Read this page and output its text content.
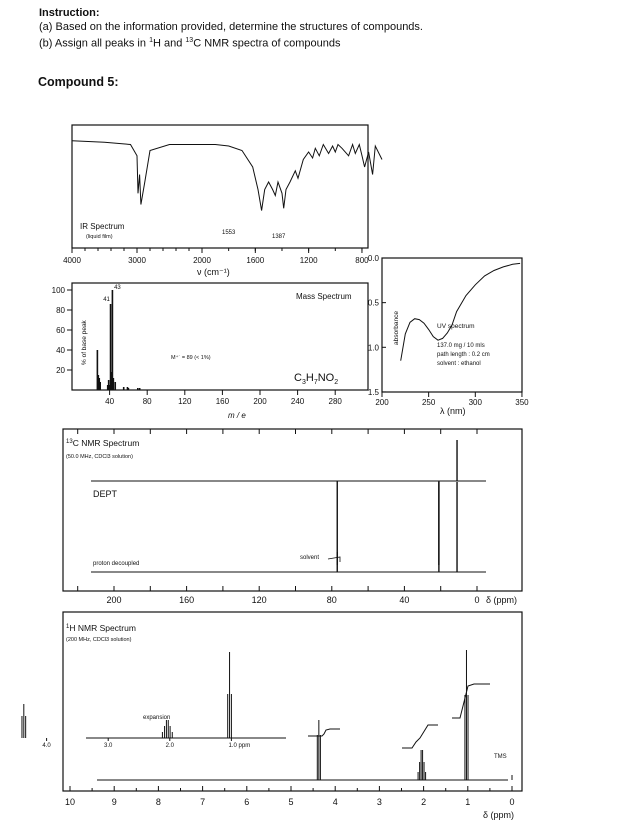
Instruction:
(a) Based on the information provided, determine the structures of compounds.
(b) Assign all peaks in $^1$H and $^{13}$C NMR spectra of compounds
Compound 5:
4000	3000	2000	1600	1200	800
IR Spectrum
(liquid film)
1553
1387
ν (cm⁻¹)
41
43
40	80	120	160	200	240	280
20
40
60
80
100
Mass Spectrum
M⁺˙ = 89 (< 1%)
% of base peak
m / e
$C_3H_7NO_2$
200	250	300	350
0.0
0.5
1.0
1.5
UV spectrum
137.0 mg / 10 mls
path length : 0.2 cm
solvent : ethanol
absorbance
λ (nm)
200	160	120	80	40	0
$^{13}$C NMR Spectrum
(50.0 MHz, CDCl3 solution)
DEPT
proton decoupled
solvent
δ (ppm)
4.0	3.0	2.0	1.0 ppm
10	9	8	7	6	5	4	3	2	1	0
$^1$H NMR Spectrum
(200 MHz, CDCl3 solution)
expansion
TMS
δ (ppm)
